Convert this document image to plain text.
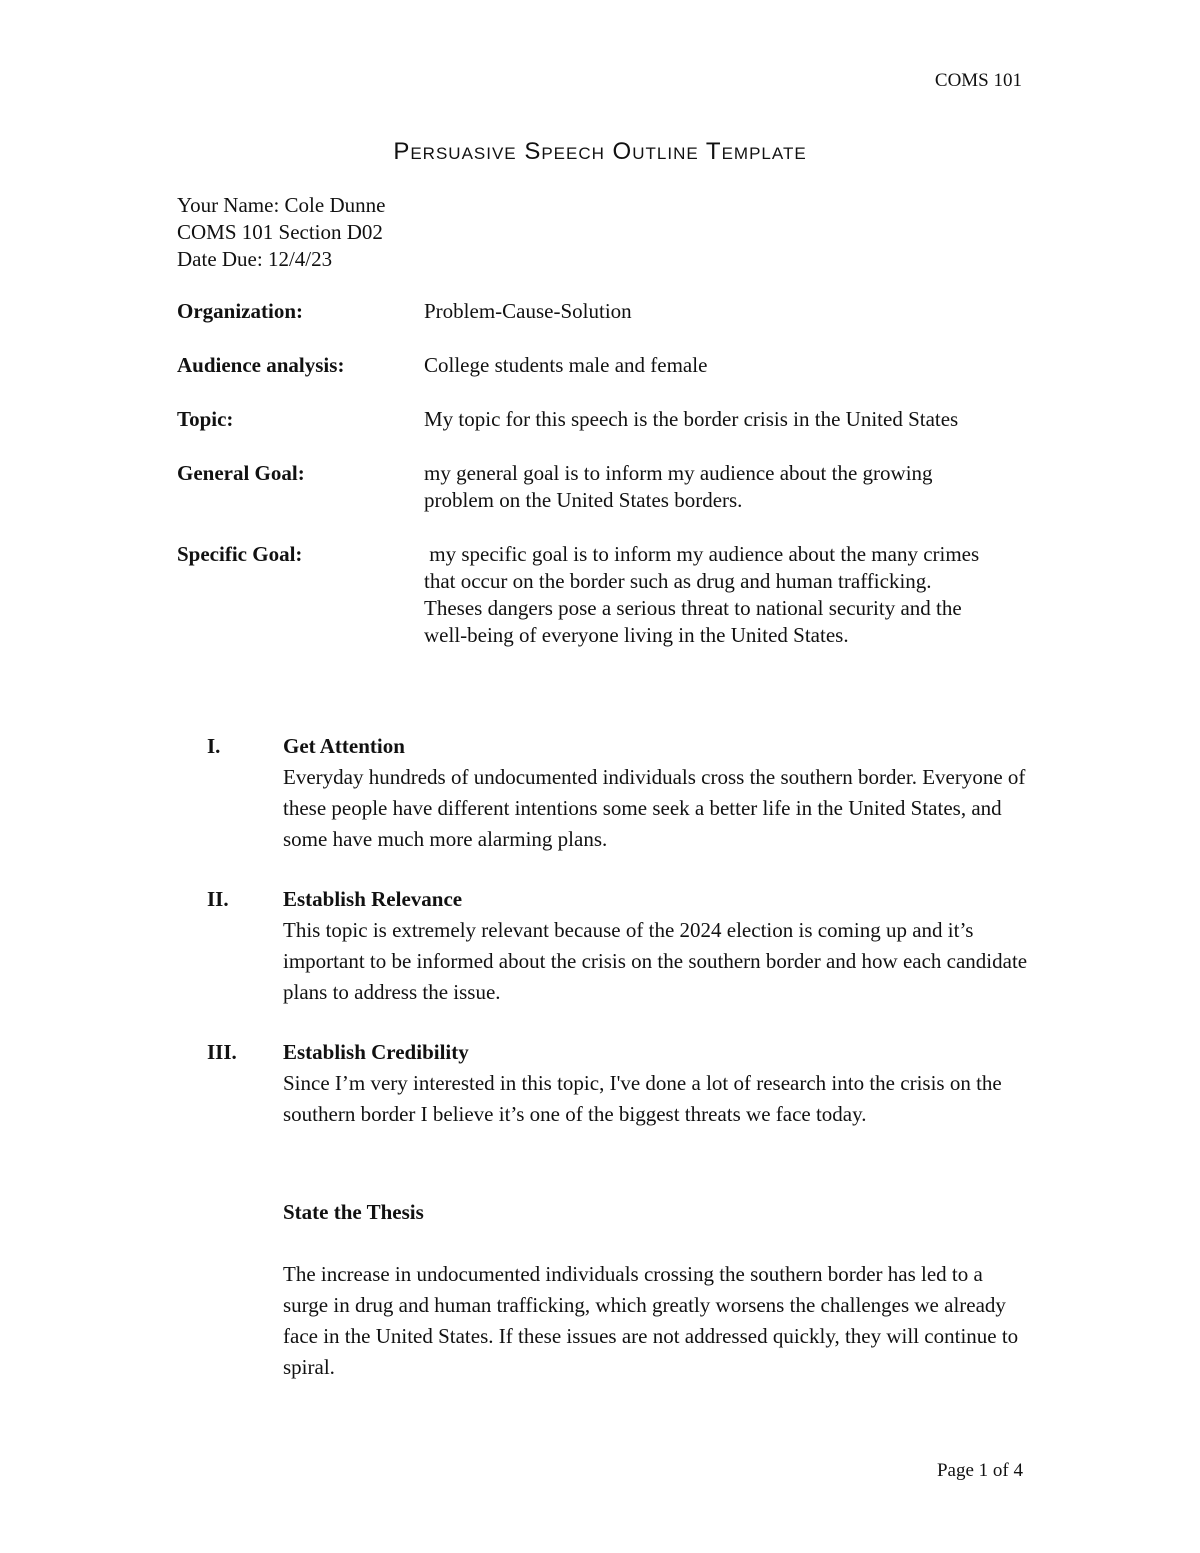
COMS 101
Persuasive Speech Outline Template
Your Name: Cole Dunne
COMS 101 Section D02
Date Due: 12/4/23
Organization:	Problem-Cause-Solution
Audience analysis:	College students male and female
Topic:	My topic for this speech is the border crisis in the United States
General Goal:	my general goal is to inform my audience about the growing problem on the United States borders.
Specific Goal:	my specific goal is to inform my audience about the many crimes that occur on the border such as drug and human trafficking. Theses dangers pose a serious threat to national security and the well-being of everyone living in the United States.
I.	Get Attention
Everyday hundreds of undocumented individuals cross the southern border. Everyone of these people have different intentions some seek a better life in the United States, and some have much more alarming plans.
II.	Establish Relevance
This topic is extremely relevant because of the 2024 election is coming up and it’s important to be informed about the crisis on the southern border and how each candidate plans to address the issue.
III.	Establish Credibility
Since I’m very interested in this topic, I've done a lot of research into the crisis on the southern border I believe it’s one of the biggest threats we face today.
State the Thesis
The increase in undocumented individuals crossing the southern border has led to a surge in drug and human trafficking, which greatly worsens the challenges we already face in the United States. If these issues are not addressed quickly, they will continue to spiral.
Page 1 of 4
